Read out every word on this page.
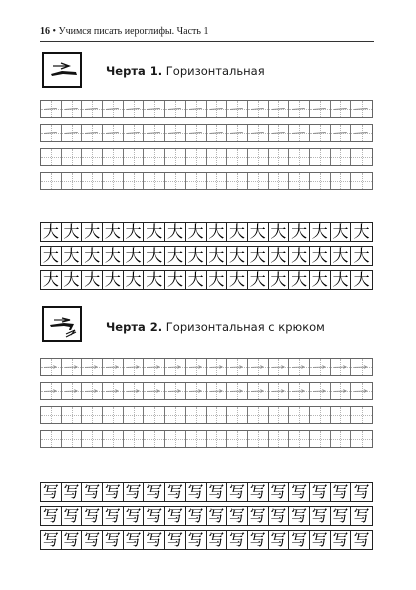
16 • Учимся писать иероглифы. Часть 1
Черта 1. Горизонтальная
大 大 大 大 大 大 大 大 大 大 大 大 大 大 大 大
大 大 大 大 大 大 大 大 大 大 大 大 大 大 大 大
大 大 大 大 大 大 大 大 大 大 大 大 大 大 大 大
Черта 2. Горизонтальная с крюком
写 写 写 写 写 写 写 写 写 写 写 写 写 写 写 写
写 写 写 写 写 写 写 写 写 写 写 写 写 写 写 写
写 写 写 写 写 写 写 写 写 写 写 写 写 写 写 写
